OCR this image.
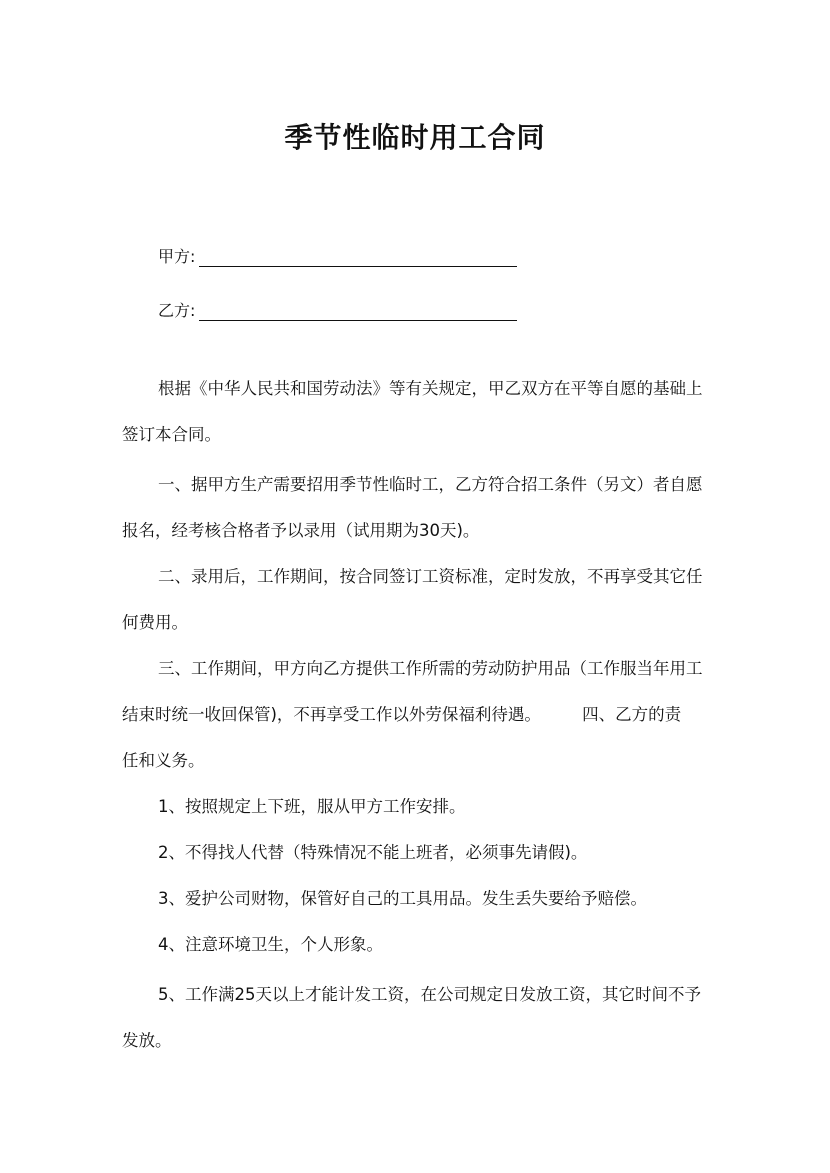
季节性临时用工合同
甲方:
乙方:
根据《中华人民共和国劳动法》等有关规定，甲乙双方在平等自愿的基础上
签订本合同。
一、据甲方生产需要招用季节性临时工，乙方符合招工条件（另文）者自愿
报名，经考核合格者予以录用（试用期为30天)。
二、录用后，工作期间，按合同签订工资标准，定时发放，不再享受其它任
何费用。
三、工作期间，甲方向乙方提供工作所需的劳动防护用品（工作服当年用工
结束时统一收回保管)，不再享受工作以外劳保福利待遇。　　　四、乙方的责
任和义务。
1、按照规定上下班，服从甲方工作安排。
2、不得找人代替（特殊情况不能上班者，必须事先请假)。
3、爱护公司财物，保管好自己的工具用品。发生丢失要给予赔偿。
4、注意环境卫生，个人形象。
5、工作满25天以上才能计发工资，在公司规定日发放工资，其它时间不予
发放。
